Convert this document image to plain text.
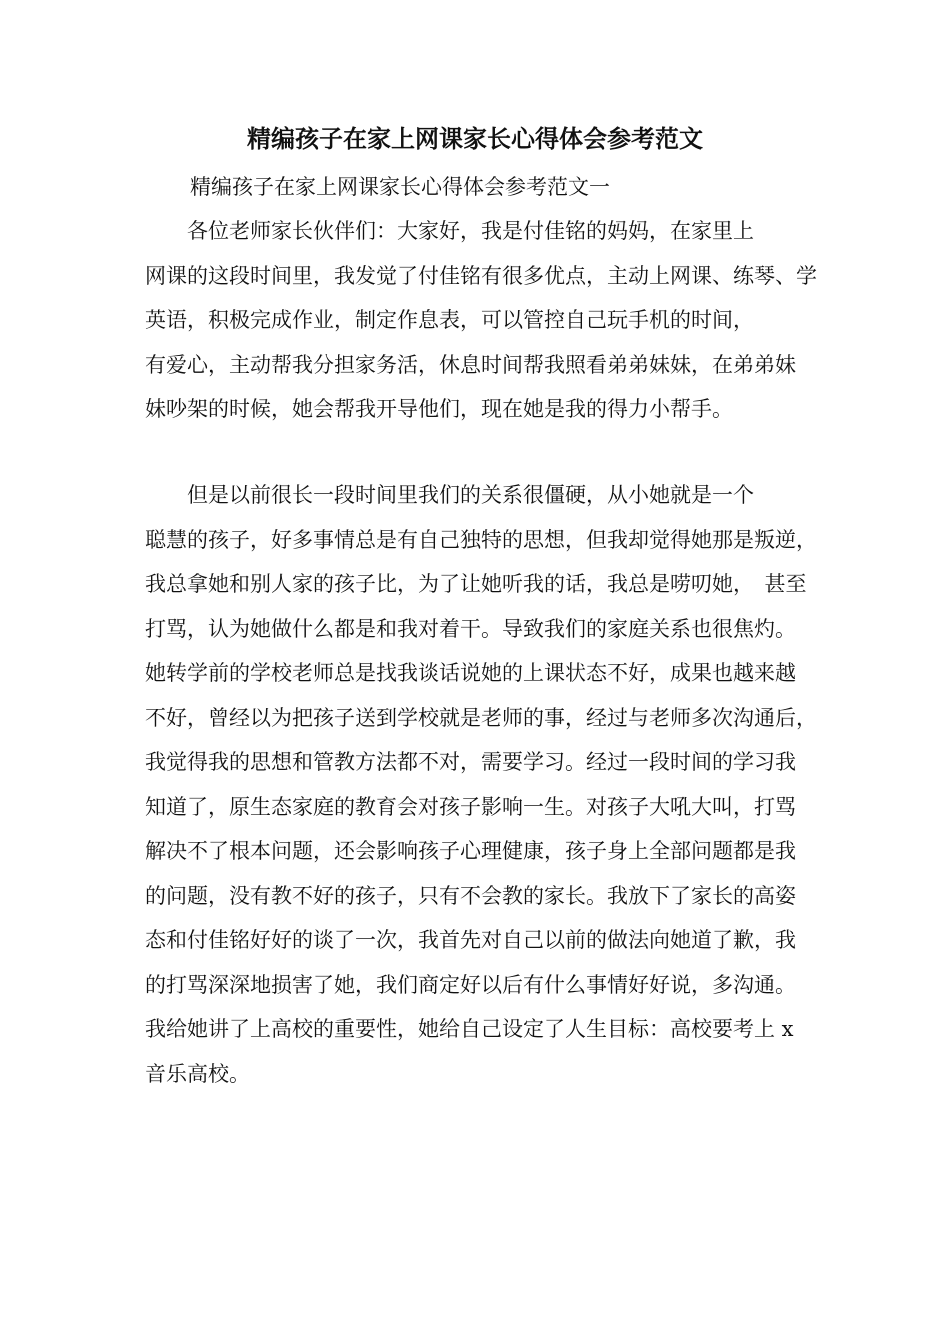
精编孩子在家上网课家长心得体会参考范文

精编孩子在家上网课家长心得体会参考范文一

　　各位老师家长伙伴们：大家好，我是付佳铭的妈妈，在家里上
网课的这段时间里，我发觉了付佳铭有很多优点，主动上网课、练琴、学
英语，积极完成作业，制定作息表，可以管控自己玩手机的时间，
有爱心，主动帮我分担家务活，休息时间帮我照看弟弟妹妹，在弟弟妹
妹吵架的时候，她会帮我开导他们，现在她是我的得力小帮手。

　　但是以前很长一段时间里我们的关系很僵硬，从小她就是一个
聪慧的孩子，好多事情总是有自己独特的思想，但我却觉得她那是叛逆，
我总拿她和别人家的孩子比，为了让她听我的话，我总是唠叨她，　甚至
打骂，认为她做什么都是和我对着干。导致我们的家庭关系也很焦灼。
她转学前的学校老师总是找我谈话说她的上课状态不好，成果也越来越
不好，曾经以为把孩子送到学校就是老师的事，经过与老师多次沟通后，
我觉得我的思想和管教方法都不对，需要学习。经过一段时间的学习我
知道了，原生态家庭的教育会对孩子影响一生。对孩子大吼大叫，打骂
解决不了根本问题，还会影响孩子心理健康，孩子身上全部问题都是我
的问题，没有教不好的孩子，只有不会教的家长。我放下了家长的高姿
态和付佳铭好好的谈了一次，我首先对自己以前的做法向她道了歉，我
的打骂深深地损害了她，我们商定好以后有什么事情好好说，多沟通。
我给她讲了上高校的重要性，她给自己设定了人生目标：高校要考上 x
音乐高校。
